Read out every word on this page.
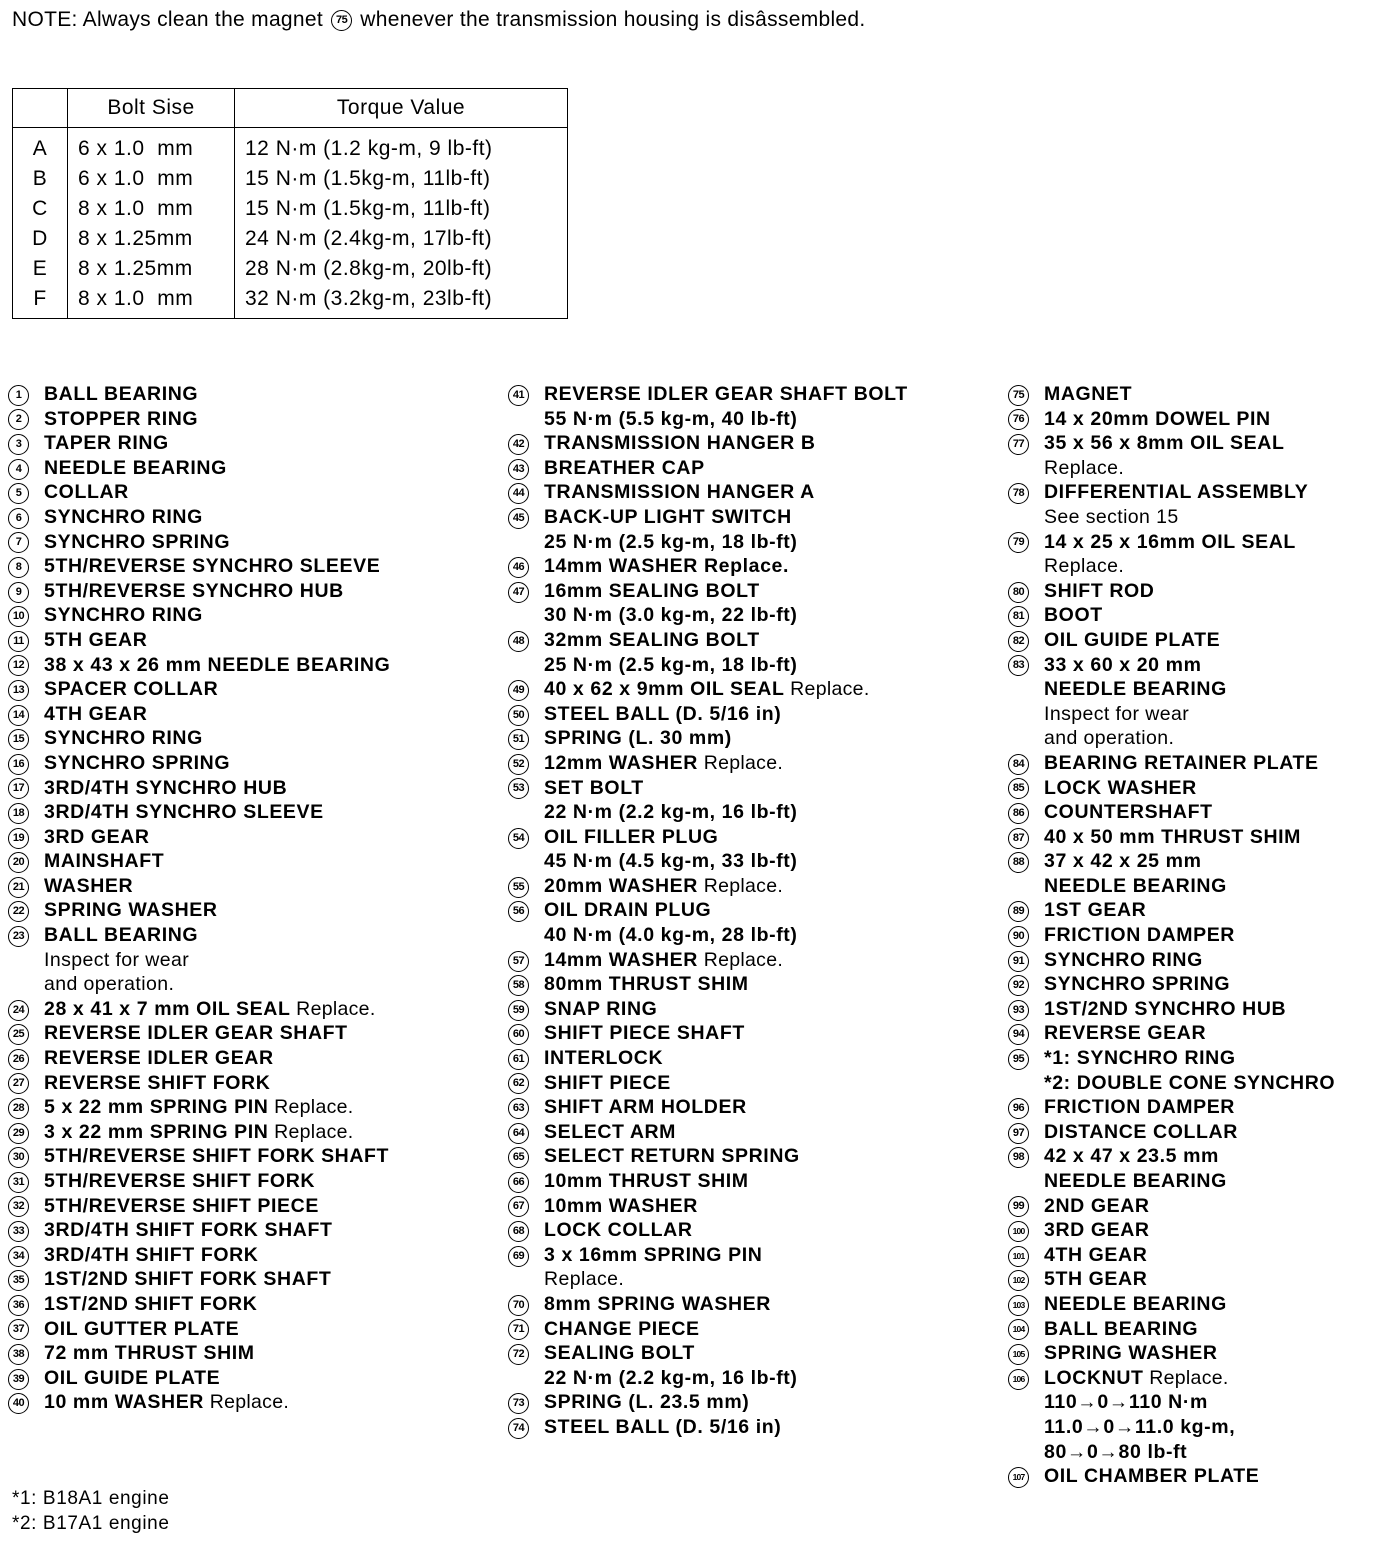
NOTE: Always clean the magnet 75 whenever the transmission housing is disâssembled.
	Bolt Sise	Torque Value
A	6 x 1.0  mm	12 N·m (1.2 kg-m, 9 lb-ft)
B	6 x 1.0  mm	15 N·m (1.5kg-m, 11lb-ft)
C	8 x 1.0  mm	15 N·m (1.5kg-m, 11lb-ft)
D	8 x 1.25mm	24 N·m (2.4kg-m, 17lb-ft)
E	8 x 1.25mm	28 N·m (2.8kg-m, 20lb-ft)
F	8 x 1.0  mm	32 N·m (3.2kg-m, 23lb-ft)
1	BALL BEARING
2	STOPPER RING
3	TAPER RING
4	NEEDLE BEARING
5	COLLAR
6	SYNCHRO RING
7	SYNCHRO SPRING
8	5TH/REVERSE SYNCHRO SLEEVE
9	5TH/REVERSE SYNCHRO HUB
10	SYNCHRO RING
11	5TH GEAR
12	38 x 43 x 26 mm NEEDLE BEARING
13	SPACER COLLAR
14	4TH GEAR
15	SYNCHRO RING
16	SYNCHRO SPRING
17	3RD/4TH SYNCHRO HUB
18	3RD/4TH SYNCHRO SLEEVE
19	3RD GEAR
20	MAINSHAFT
21	WASHER
22	SPRING WASHER
23	BALL BEARING
Inspect for wear
and operation.
24	28 x 41 x 7 mm OIL SEAL Replace.
25	REVERSE IDLER GEAR SHAFT
26	REVERSE IDLER GEAR
27	REVERSE SHIFT FORK
28	5 x 22 mm SPRING PIN Replace.
29	3 x 22 mm SPRING PIN Replace.
30	5TH/REVERSE SHIFT FORK SHAFT
31	5TH/REVERSE SHIFT FORK
32	5TH/REVERSE SHIFT PIECE
33	3RD/4TH SHIFT FORK SHAFT
34	3RD/4TH SHIFT FORK
35	1ST/2ND SHIFT FORK SHAFT
36	1ST/2ND SHIFT FORK
37	OIL GUTTER PLATE
38	72 mm THRUST SHIM
39	OIL GUIDE PLATE
40	10 mm WASHER Replace.
41	REVERSE IDLER GEAR SHAFT BOLT
55 N·m (5.5 kg-m, 40 lb-ft)
42	TRANSMISSION HANGER B
43	BREATHER CAP
44	TRANSMISSION HANGER A
45	BACK-UP LIGHT SWITCH
25 N·m (2.5 kg-m, 18 lb-ft)
46	14mm WASHER Replace.
47	16mm SEALING BOLT
30 N·m (3.0 kg-m, 22 lb-ft)
48	32mm SEALING BOLT
25 N·m (2.5 kg-m, 18 lb-ft)
49	40 x 62 x 9mm OIL SEAL Replace.
50	STEEL BALL (D. 5/16 in)
51	SPRING (L. 30 mm)
52	12mm WASHER Replace.
53	SET BOLT
22 N·m (2.2 kg-m, 16 lb-ft)
54	OIL FILLER PLUG
45 N·m (4.5 kg-m, 33 lb-ft)
55	20mm WASHER Replace.
56	OIL DRAIN PLUG
40 N·m (4.0 kg-m, 28 lb-ft)
57	14mm WASHER Replace.
58	80mm THRUST SHIM
59	SNAP RING
60	SHIFT PIECE SHAFT
61	INTERLOCK
62	SHIFT PIECE
63	SHIFT ARM HOLDER
64	SELECT ARM
65	SELECT RETURN SPRING
66	10mm THRUST SHIM
67	10mm WASHER
68	LOCK COLLAR
69	3 x 16mm SPRING PIN
Replace.
70	8mm SPRING WASHER
71	CHANGE PIECE
72	SEALING BOLT
22 N·m (2.2 kg-m, 16 lb-ft)
73	SPRING (L. 23.5 mm)
74	STEEL BALL (D. 5/16 in)
75	MAGNET
76	14 x 20mm DOWEL PIN
77	35 x 56 x 8mm OIL SEAL
Replace.
78	DIFFERENTIAL ASSEMBLY
See section 15
79	14 x 25 x 16mm OIL SEAL
Replace.
80	SHIFT ROD
81	BOOT
82	OIL GUIDE PLATE
83	33 x 60 x 20 mm
NEEDLE BEARING
Inspect for wear
and operation.
84	BEARING RETAINER PLATE
85	LOCK WASHER
86	COUNTERSHAFT
87	40 x 50 mm THRUST SHIM
88	37 x 42 x 25 mm
NEEDLE BEARING
89	1ST GEAR
90	FRICTION DAMPER
91	SYNCHRO RING
92	SYNCHRO SPRING
93	1ST/2ND SYNCHRO HUB
94	REVERSE GEAR
95	*1: SYNCHRO RING
*2: DOUBLE CONE SYNCHRO
96	FRICTION DAMPER
97	DISTANCE COLLAR
98	42 x 47 x 23.5 mm
NEEDLE BEARING
99	2ND GEAR
100	3RD GEAR
101	4TH GEAR
102	5TH GEAR
103	NEEDLE BEARING
104	BALL BEARING
105	SPRING WASHER
106	LOCKNUT Replace.
110→0→110 N·m
11.0→0→11.0 kg-m,
80→0→80 lb-ft
107	OIL CHAMBER PLATE
*1: B18A1 engine
*2: B17A1 engine
